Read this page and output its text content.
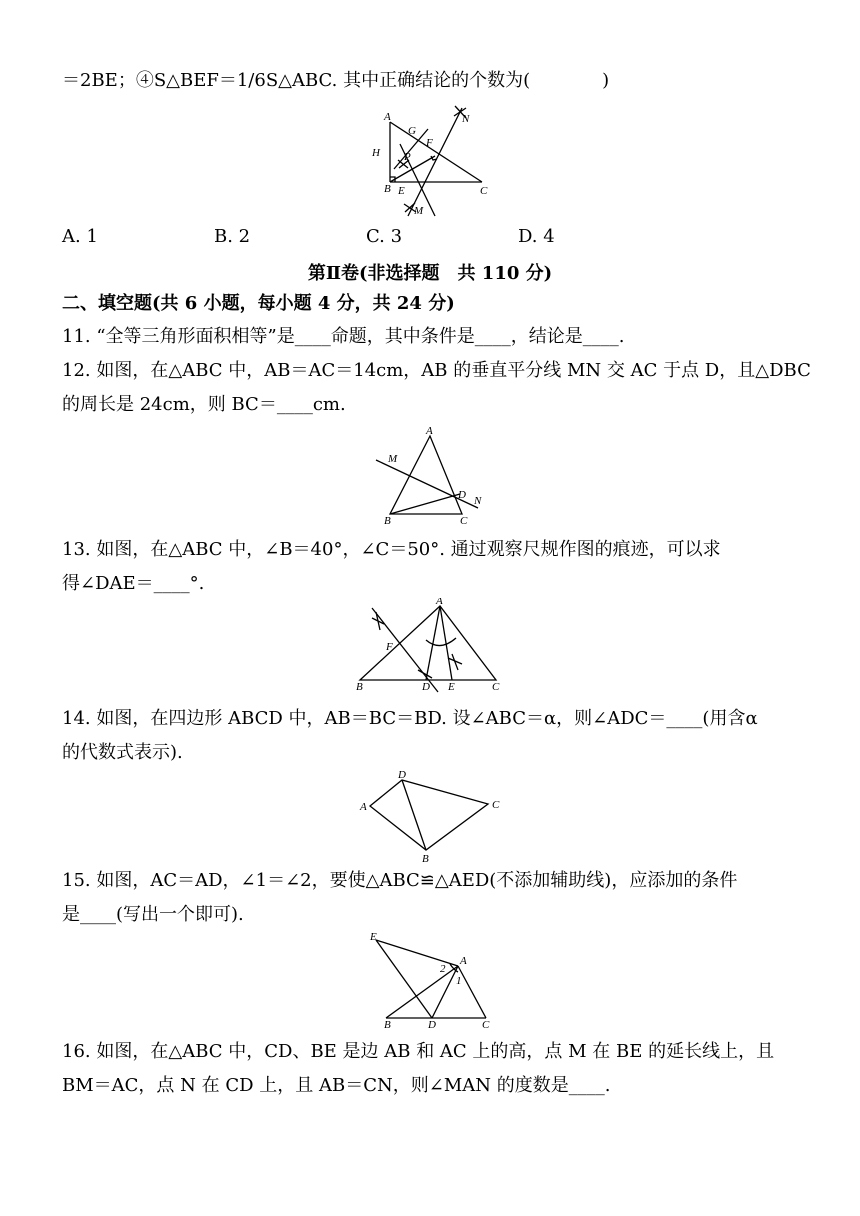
＝2BE；④S△BEF＝1/6S△ABC. 其中正确结论的个数为(　　　　)
A
B	C
E
F
G
H P
M
N
A. 1	B. 2	C. 3	D. 4
第Ⅱ卷(非选择题　共 110 分)
二、填空题(共 6 小题，每小题 4 分，共 24 分)
11. “全等三角形面积相等”是____命题，其中条件是____，结论是____.
12. 如图，在△ABC 中，AB＝AC＝14cm，AB 的垂直平分线 MN 交 AC 于点 D，且△DBC
的周长是 24cm，则 BC＝____cm.
A
B	C
D
M
N
13. 如图，在△ABC 中，∠B＝40°，∠C＝50°. 通过观察尺规作图的痕迹，可以求
得∠DAE＝____°.
A
B	C
D E
F
14. 如图，在四边形 ABCD 中，AB＝BC＝BD. 设∠ABC＝α，则∠ADC＝____(用含α
的代数式表示).
A
B
C
D
15. 如图，AC＝AD，∠1＝∠2，要使△ABC≌△AED(不添加辅助线)，应添加的条件
是____(写出一个即可).
E
A
B	D	C
1
2
16. 如图，在△ABC 中，CD、BE 是边 AB 和 AC 上的高，点 M 在 BE 的延长线上，且
BM＝AC，点 N 在 CD 上，且 AB＝CN，则∠MAN 的度数是____.
